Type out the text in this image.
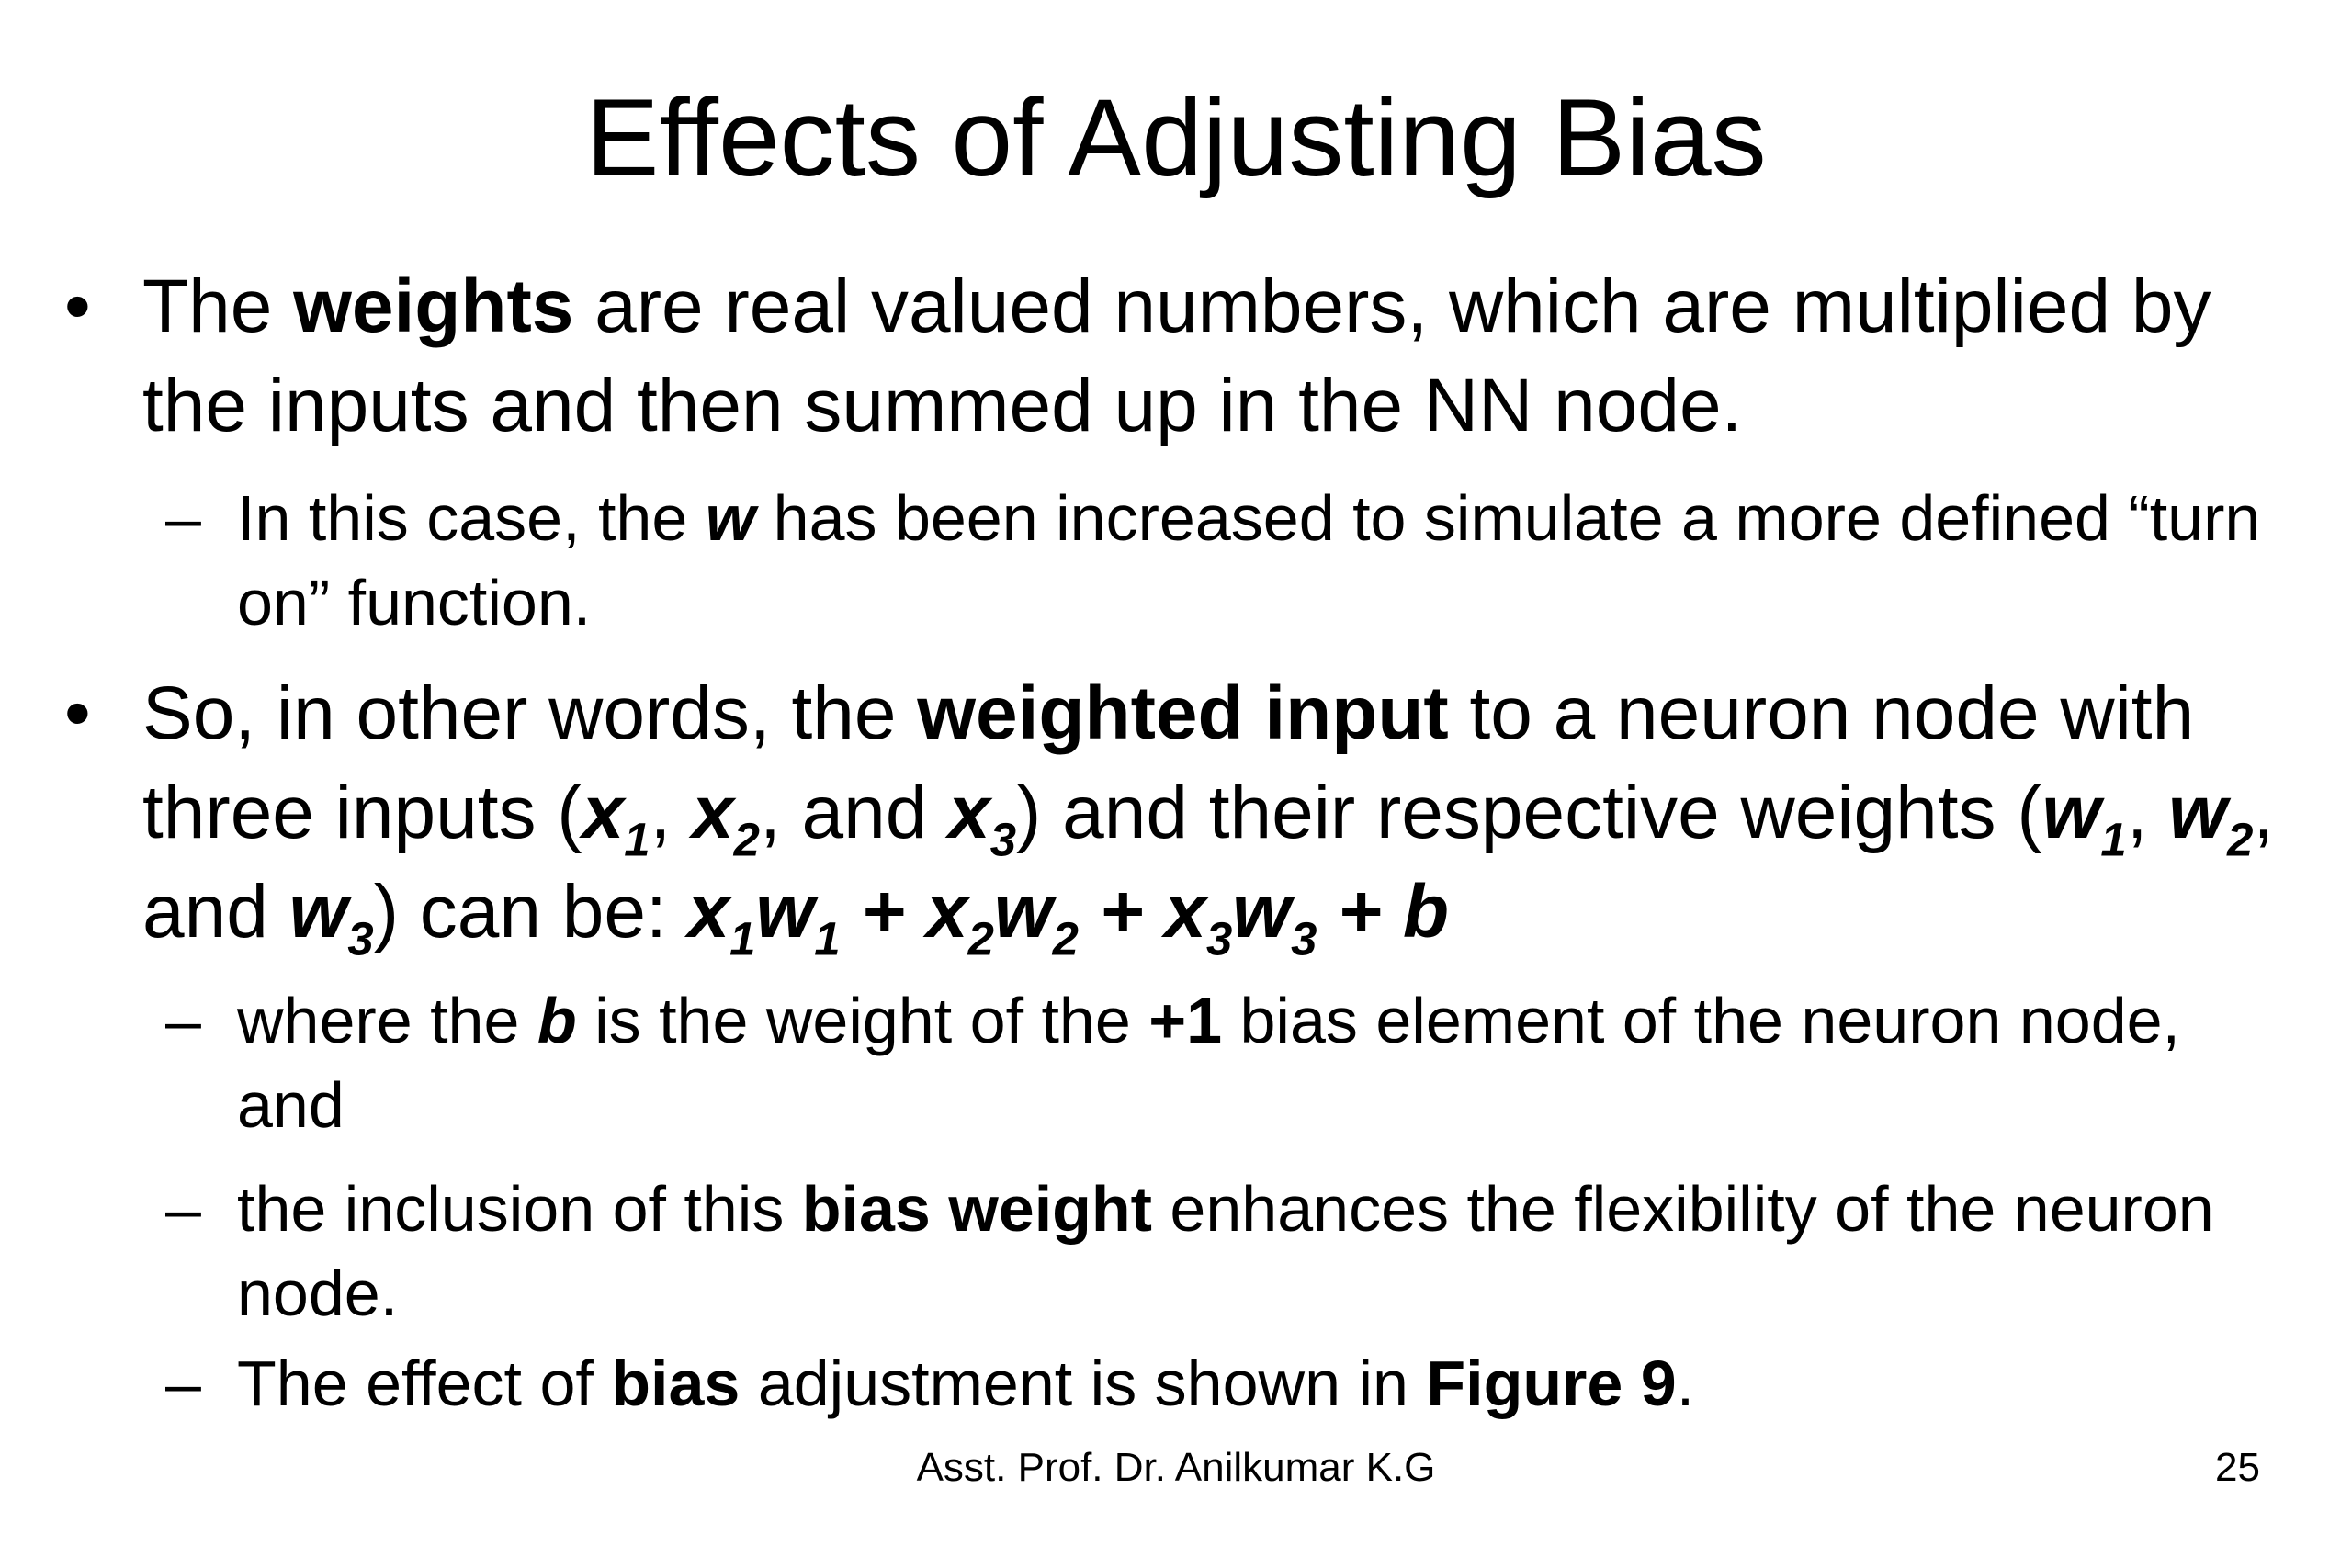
Effects of Adjusting Bias
• The weights are real valued numbers, which are multiplied by the inputs and then summed up in the NN node.
– In this case, the w has been increased to simulate a more defined “turn on” function.
• So, in other words, the weighted input to a neuron node with three inputs ($x_1$, $x_2$, and $x_3$) and their respective weights ($w_1$, $w_2$, and $w_3$) can be: $x_1w_1 + x_2w_2 + x_3w_3 + b$
– where the b is the weight of the +1 bias element of the neuron node, and
– the inclusion of this bias weight enhances the flexibility of the neuron node.
– The effect of bias adjustment is shown in Figure 9.
Asst. Prof. Dr. Anilkumar K.G	25
